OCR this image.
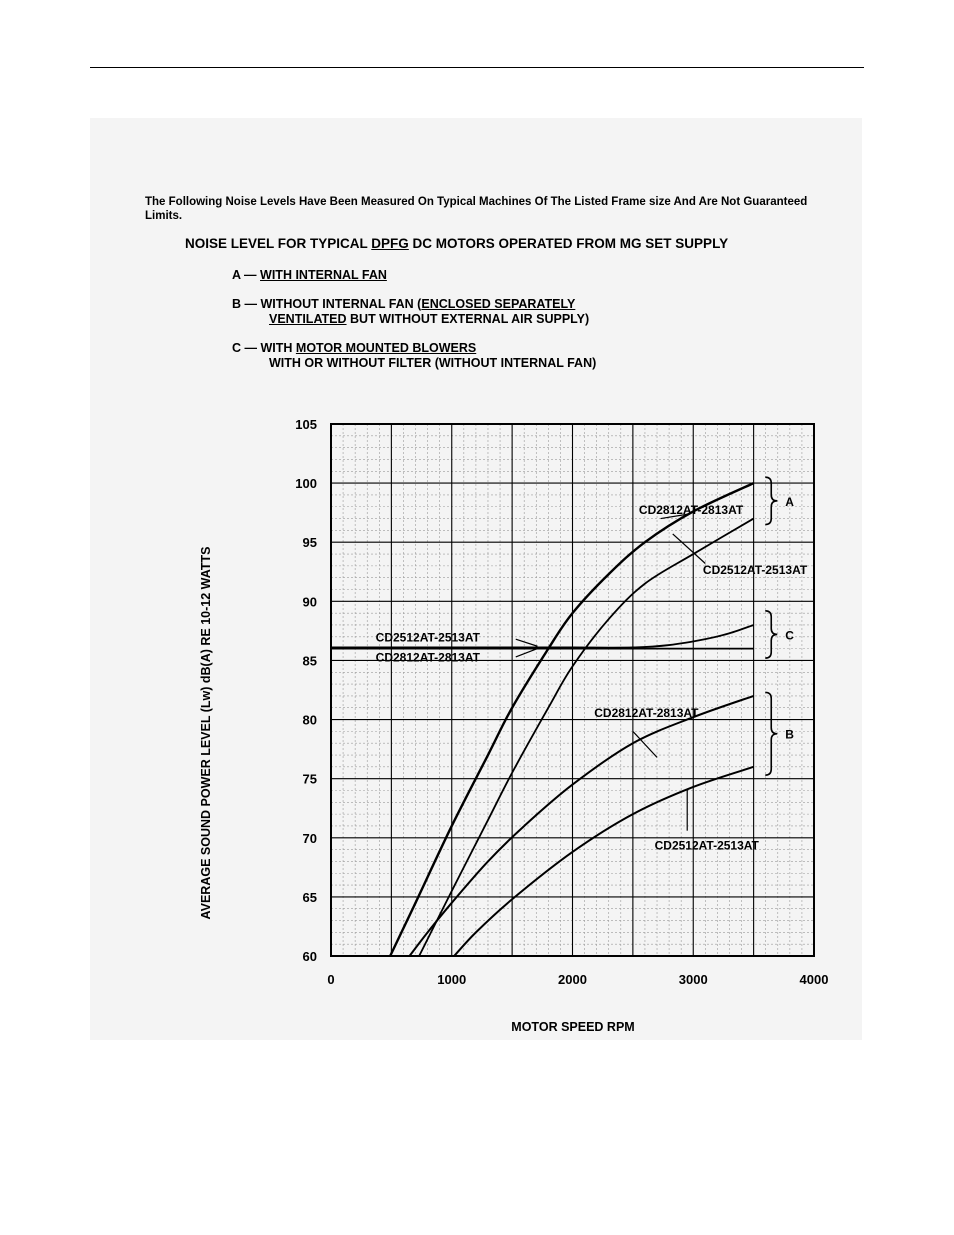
The Following Noise Levels Have Been Measured On Typical Machines Of The Listed Frame size And Are Not Guaranteed Limits.
NOISE LEVEL FOR TYPICAL DPFG DC MOTORS OPERATED FROM MG SET SUPPLY
A — WITH INTERNAL FAN
B — WITHOUT INTERNAL FAN (ENCLOSED SEPARATELY
VENTILATED BUT WITHOUT EXTERNAL AIR SUPPLY)
C — WITH MOTOR MOUNTED BLOWERS
WITH OR WITHOUT FILTER (WITHOUT INTERNAL FAN)
60
65
70
75
80
85
90
95
100
105
0	1000	2000	3000	4000
CD2812AT-2813AT
CD2512AT-2513AT
CD2512AT-2513AT
CD2812AT-2813AT
CD2812AT-2813AT
CD2512AT-2513AT
A
C
B
MOTOR SPEED RPM
AVERAGE SOUND POWER LEVEL (Lw) dB(A) RE 10-12 WATTS
